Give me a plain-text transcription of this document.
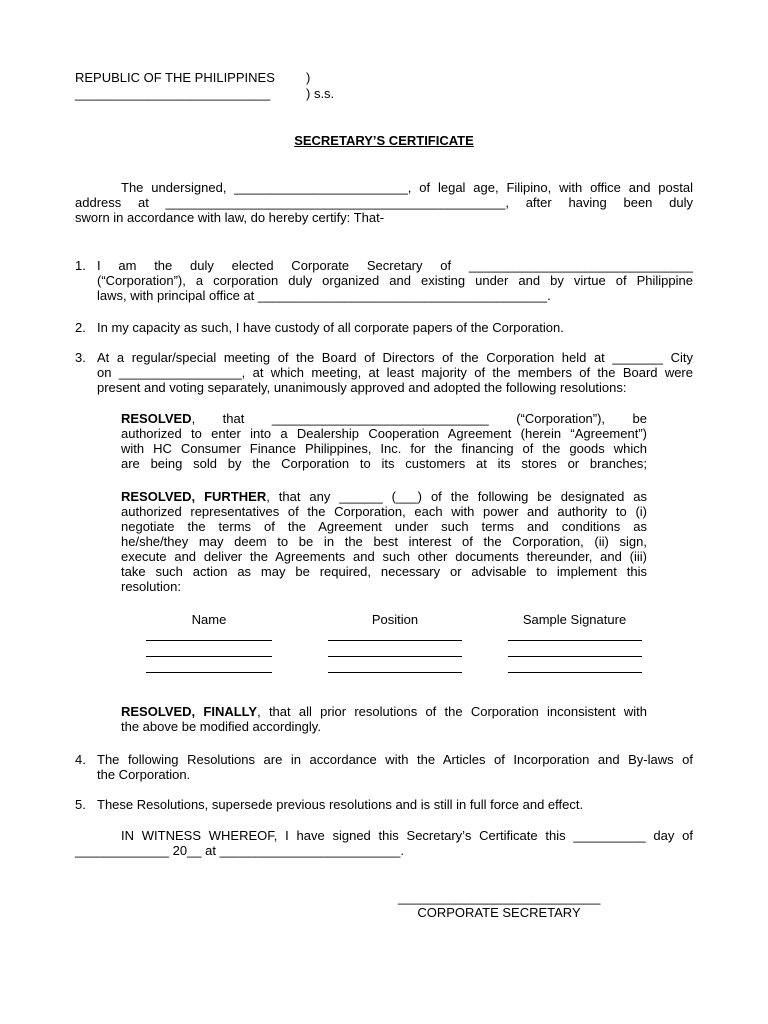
REPUBLIC OF THE PHILIPPINES )
___________________________	) s.s.
SECRETARY’S CERTIFICATE
The undersigned, ________________________, of legal age, Filipino, with office and postal
address at _______________________________________________, after having been duly
sworn in accordance with law, do hereby certify: That-
1. I am the duly elected Corporate Secretary of _______________________________
(“Corporation”), a corporation duly organized and existing under and by virtue of Philippine
laws, with principal office at ________________________________________.
2. In my capacity as such, I have custody of all corporate papers of the Corporation.
3. At a regular/special meeting of the Board of Directors of the Corporation held at _______ City
on _________________, at which meeting, at least majority of the members of the Board were
present and voting separately, unanimously approved and adopted the following resolutions:
RESOLVED, that ______________________________ (“Corporation”), be
authorized to enter into a Dealership Cooperation Agreement (herein “Agreement”)
with HC Consumer Finance Philippines, Inc. for the financing of the goods which
are being sold by the Corporation to its customers at its stores or branches;
RESOLVED, FURTHER, that any ______ (___) of the following be designated as
authorized representatives of the Corporation, each with power and authority to (i)
negotiate the terms of the Agreement under such terms and conditions as
he/she/they may deem to be in the best interest of the Corporation, (ii) sign,
execute and deliver the Agreements and such other documents thereunder, and (iii)
take such action as may be required, necessary or advisable to implement this
resolution:
Name	Position	Sample Signature
RESOLVED, FINALLY, that all prior resolutions of the Corporation inconsistent with
the above be modified accordingly.
4. The following Resolutions are in accordance with the Articles of Incorporation and By-laws of
the Corporation.
5. These Resolutions, supersede previous resolutions and is still in full force and effect.
IN WITNESS WHEREOF, I have signed this Secretary’s Certificate this __________ day of
_____________ 20__ at _________________________.
____________________________
CORPORATE SECRETARY
